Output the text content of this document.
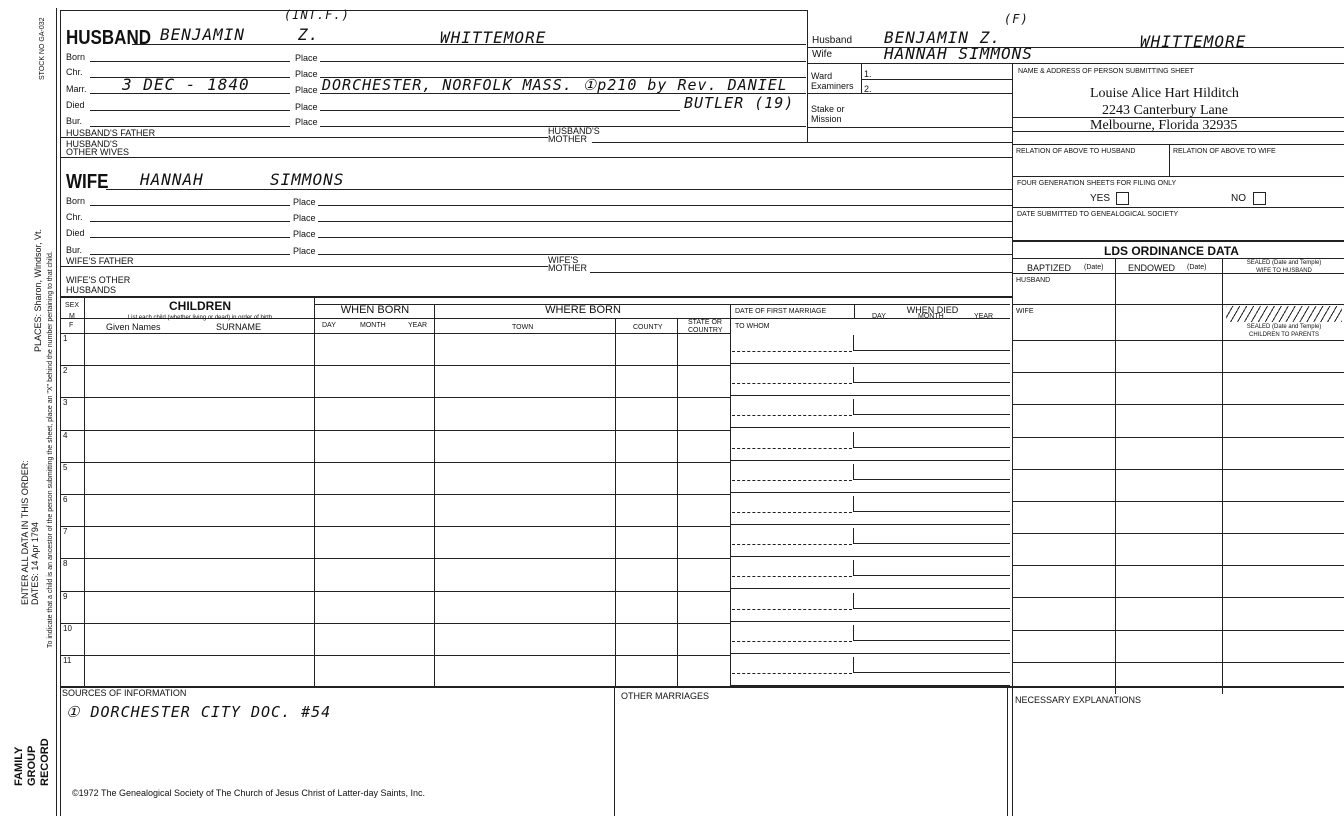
STOCK NO GA-032
PLACES: Sharon, Windsor, Vt. To indicate that a child is an ancestor of the person submitting the sheet, place an "X" behind the number pertaining to that child.
ENTER ALL DATA IN THIS ORDER: DATES: 14 Apr 1794
FAMILY GROUP RECORD
HUSBAND BENJAMIN
(INT.F.)
Z.	WHITTEMORE
Born	Place
Chr.	Place
Marr. 3 DEC - 1840	Place DORCHESTER, NORFOLK MASS. ①p210 by Rev. DANIEL
BUTLER (19)
Died	Place
Bur.	Place
HUSBAND'S FATHER	HUSBAND'S
MOTHER
HUSBAND'S
OTHER WIVES
WIFE HANNAH	SIMMONS
Born	Place
Chr.	Place
Died	Place
Bur.	Place
WIFE'S FATHER	WIFE'S
MOTHER
WIFE'S OTHER
HUSBANDS
Husband
(F)
BENJAMIN Z.	WHITTEMORE
Wife	HANNAH SIMMONS
Ward
Examiners
1.
2.
Stake or
Mission
NAME & ADDRESS OF PERSON SUBMITTING SHEET
Louise Alice Hart Hilditch
2243 Canterbury Lane
Melbourne, Florida 32935
RELATION OF ABOVE TO HUSBAND	RELATION OF ABOVE TO WIFE
FOUR GENERATION SHEETS FOR FILING ONLY
YES	NO
DATE SUBMITTED TO GENEALOGICAL SOCIETY
LDS ORDINANCE DATA
BAPTIZED (Date)	ENDOWED (Date)
SEALED (Date and Temple)
WIFE TO HUSBAND
HUSBAND
WIFE
SEALED (Date and Temple)
CHILDREN TO PARENTS
SEX
M
F
CHILDREN
List each child (whether living or dead) in order of birth
Given Names	SURNAME
WHEN BORN
DAY	MONTH	YEAR
WHERE BORN
TOWN	COUNTY
STATE OR
COUNTRY
DATE OF FIRST MARRIAGE
TO WHOM
WHEN DIED
DAY	MONTH	YEAR
1
2
3
4
5
6
7
8
9
10
11
SOURCES OF INFORMATION
① DORCHESTER CITY DOC. #54
OTHER MARRIAGES	NECESSARY EXPLANATIONS
©1972 The Genealogical Society of The Church of Jesus Christ of Latter-day Saints, Inc.
